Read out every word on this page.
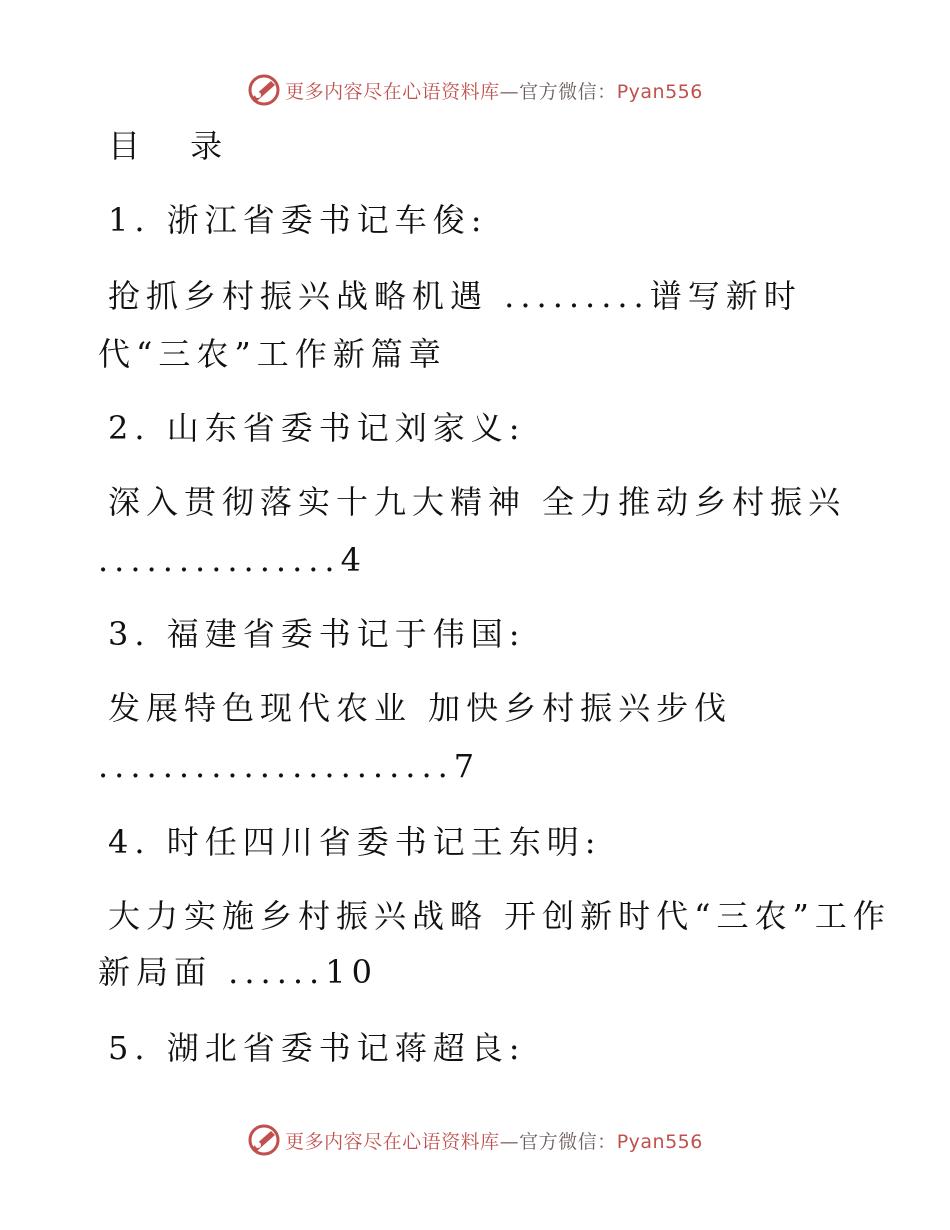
更多内容尽在心语资料库—官方微信：Pyan556
目 录
1. 浙江省委书记车俊:
抢抓乡村振兴战略机遇 .........谱写新时
代“三农”工作新篇章
2. 山东省委书记刘家义:
深入贯彻落实十九大精神 全力推动乡村振兴
...............4
3. 福建省委书记于伟国:
发展特色现代农业 加快乡村振兴步伐
......................7
4. 时任四川省委书记王东明:
大力实施乡村振兴战略 开创新时代“三农”工作
新局面 ......10
5. 湖北省委书记蒋超良:
更多内容尽在心语资料库—官方微信：Pyan556
